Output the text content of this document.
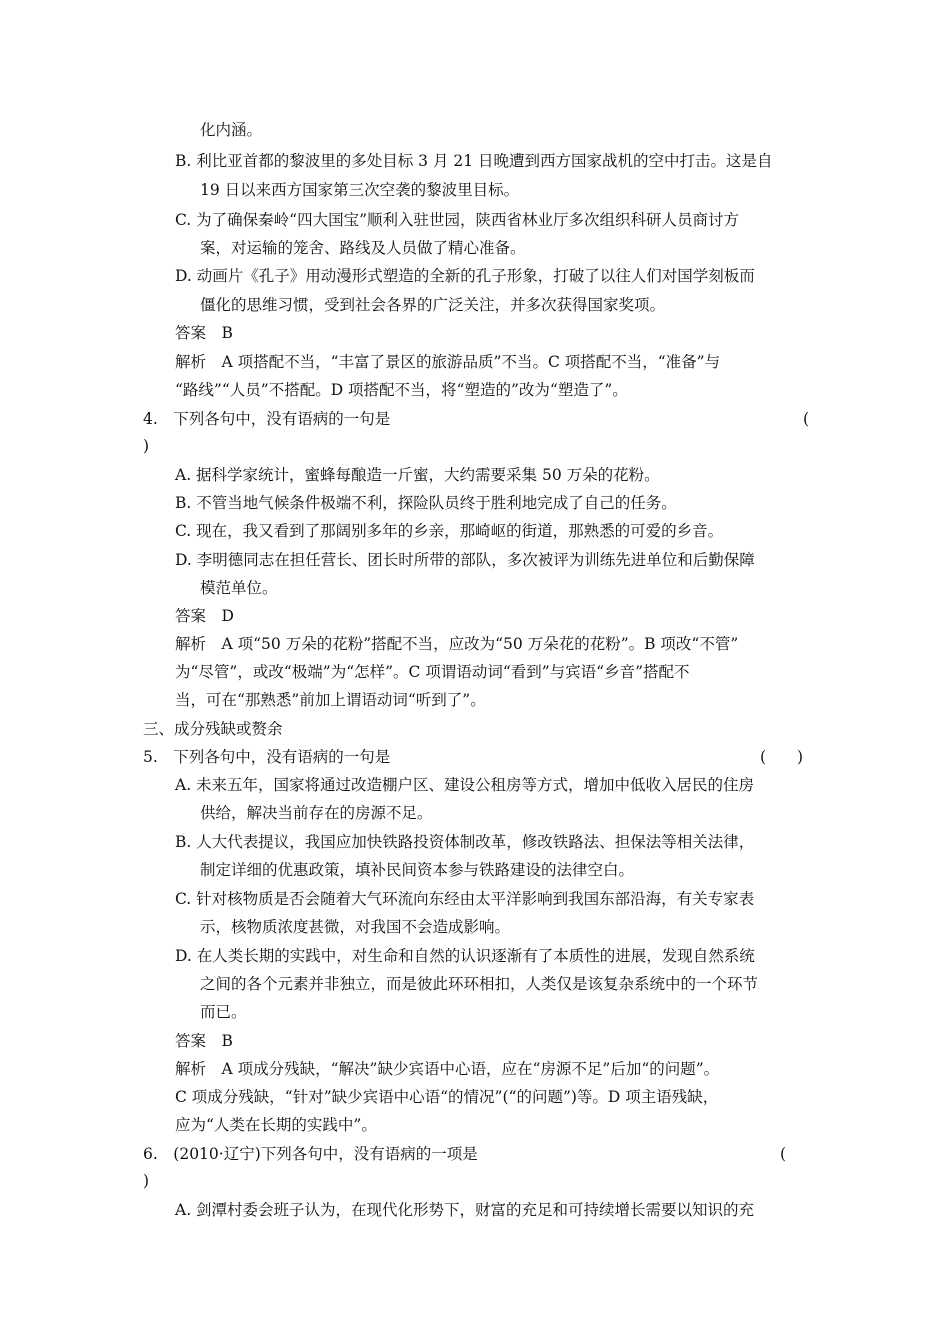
化内涵。
B. 利比亚首都的黎波里的多处目标 3 月 21 日晚遭到西方国家战机的空中打击。这是自
19 日以来西方国家第三次空袭的黎波里目标。
C. 为了确保秦岭“四大国宝”顺利入驻世园，陕西省林业厅多次组织科研人员商讨方
案，对运输的笼舍、路线及人员做了精心准备。
D. 动画片《孔子》用动漫形式塑造的全新的孔子形象，打破了以往人们对国学刻板而
僵化的思维习惯，受到社会各界的广泛关注，并多次获得国家奖项。
答案　B
解析　A 项搭配不当，“丰富了景区的旅游品质”不当。C 项搭配不当，“准备”与
“路线”“人员”不搭配。D 项搭配不当，将“塑造的”改为“塑造了”。
4.　下列各句中，没有语病的一句是	(
)
A. 据科学家统计，蜜蜂每酿造一斤蜜，大约需要采集 50 万朵的花粉。
B. 不管当地气候条件极端不利，探险队员终于胜利地完成了自己的任务。
C. 现在，我又看到了那阔别多年的乡亲，那崎岖的街道，那熟悉的可爱的乡音。
D. 李明德同志在担任营长、团长时所带的部队，多次被评为训练先进单位和后勤保障
模范单位。
答案　D
解析　A 项“50 万朵的花粉”搭配不当，应改为“50 万朵花的花粉”。B 项改“不管”
为“尽管”，或改“极端”为“怎样”。C 项谓语动词“看到”与宾语“乡音”搭配不
当，可在“那熟悉”前加上谓语动词“听到了”。
三、成分残缺或赘余
5.　下列各句中，没有语病的一句是	(　　)
A. 未来五年，国家将通过改造棚户区、建设公租房等方式，增加中低收入居民的住房
供给，解决当前存在的房源不足。
B. 人大代表提议，我国应加快铁路投资体制改革，修改铁路法、担保法等相关法律，
制定详细的优惠政策，填补民间资本参与铁路建设的法律空白。
C. 针对核物质是否会随着大气环流向东经由太平洋影响到我国东部沿海，有关专家表
示，核物质浓度甚微，对我国不会造成影响。
D. 在人类长期的实践中，对生命和自然的认识逐渐有了本质性的进展，发现自然系统
之间的各个元素并非独立，而是彼此环环相扣，人类仅是该复杂系统中的一个环节
而已。
答案　B
解析　A 项成分残缺，“解决”缺少宾语中心语，应在“房源不足”后加“的问题”。
C 项成分残缺，“针对”缺少宾语中心语“的情况”(“的问题”)等。D 项主语残缺，
应为“人类在长期的实践中”。
6.　(2010·辽宁)下列各句中，没有语病的一项是	(
)
A. 剑潭村委会班子认为，在现代化形势下，财富的充足和可持续增长需要以知识的充
